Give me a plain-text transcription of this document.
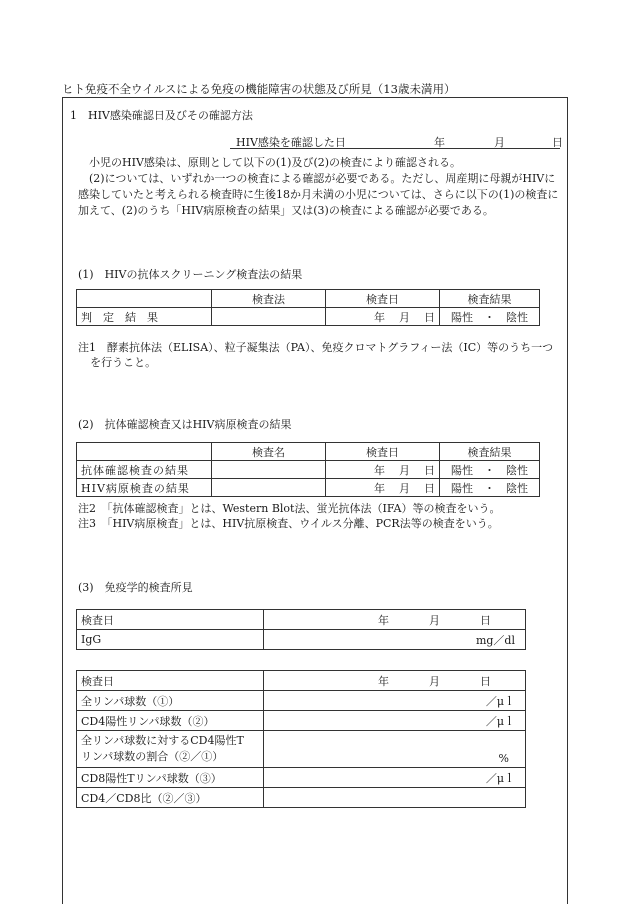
ヒト免疫不全ウイルスによる免疫の機能障害の状態及び所見（13歳未満用）
1　HIV感染確認日及びその確認方法
HIV感染を確認した日	年	月	日

小児のHIV感染は、原則として以下の(1)及び(2)の検査により確認される。

(2)については、いずれか一つの検査による確認が必要である。ただし、周産期に母親がHIVに感染していたと考えられる検査時に生後18か月未満の小児については、さらに以下の(1)の検査に加えて、(2)のうち「HIV病原検査の結果」又は(3)の検査による確認が必要である。

(1)　HIVの抗体スクリーニング検査法の結果
	検査法	検査日	検査結果
判　定　結　果		年 月 日	陽性　・　陰性

注1　酵素抗体法（ELISA）、粒子凝集法（PA）、免疫クロマトグラフィー法（IC）等のうち一つを行うこと。

(2)　抗体確認検査又はHIV病原検査の結果
	検査名	検査日	検査結果
抗体確認検査の結果		年 月 日	陽性　・　陰性
HIV病原検査の結果		年 月 日	陽性　・　陰性

注2　「抗体確認検査」とは、Western Blot法、蛍光抗体法（IFA）等の検査をいう。

注3　「HIV病原検査」とは、HIV抗原検査、ウイルス分離、PCR法等の検査をいう。

(3)　免疫学的検査所見
検査日	年 月 日

IgG	mg／dl
検査日	年 月 日

全リンパ球数（①）	／μｌ
CD4陽性リンパ球数（②）	／μｌ

全リンパ球数に対するCD4陽性T
リンパ球数の割合（②／①）	%
CD8陽性Tリンパ球数（③）	／μｌ
CD4／CD8比（②／③）	
